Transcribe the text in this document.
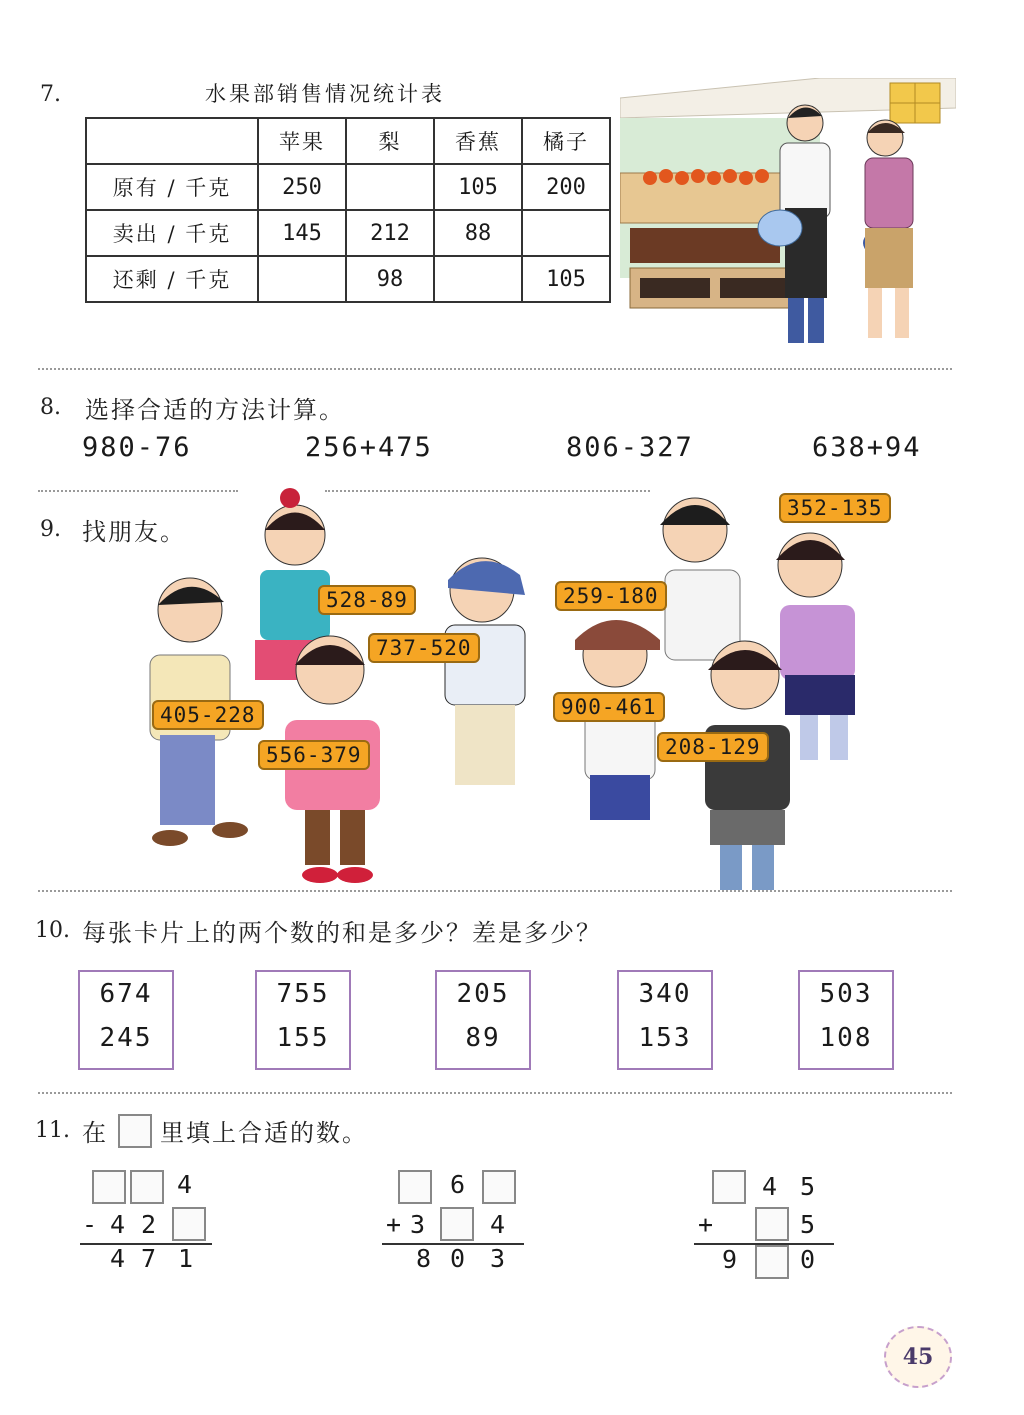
7.	水果部销售情况统计表
	苹果	梨	香蕉	橘子
原有 / 千克	250		105	200
卖出 / 千克	145	212	88	
还剩 / 千克		98		105
8. 选择合适的方法计算。
980-76	256+475	806-327	638+94
9. 找朋友。
528-89
737-520
405-228
556-379
259-180
352-135
900-461
208-129
10. 每张卡片上的两个数的和是多少？差是多少？
674
245
755
155
205
89
340
153
503
108
11. 在 里填上合适的数。
4
- 4 2
4 7 1
6
+ 3	4
8 0 3
4 5
+	5
9	0
45
